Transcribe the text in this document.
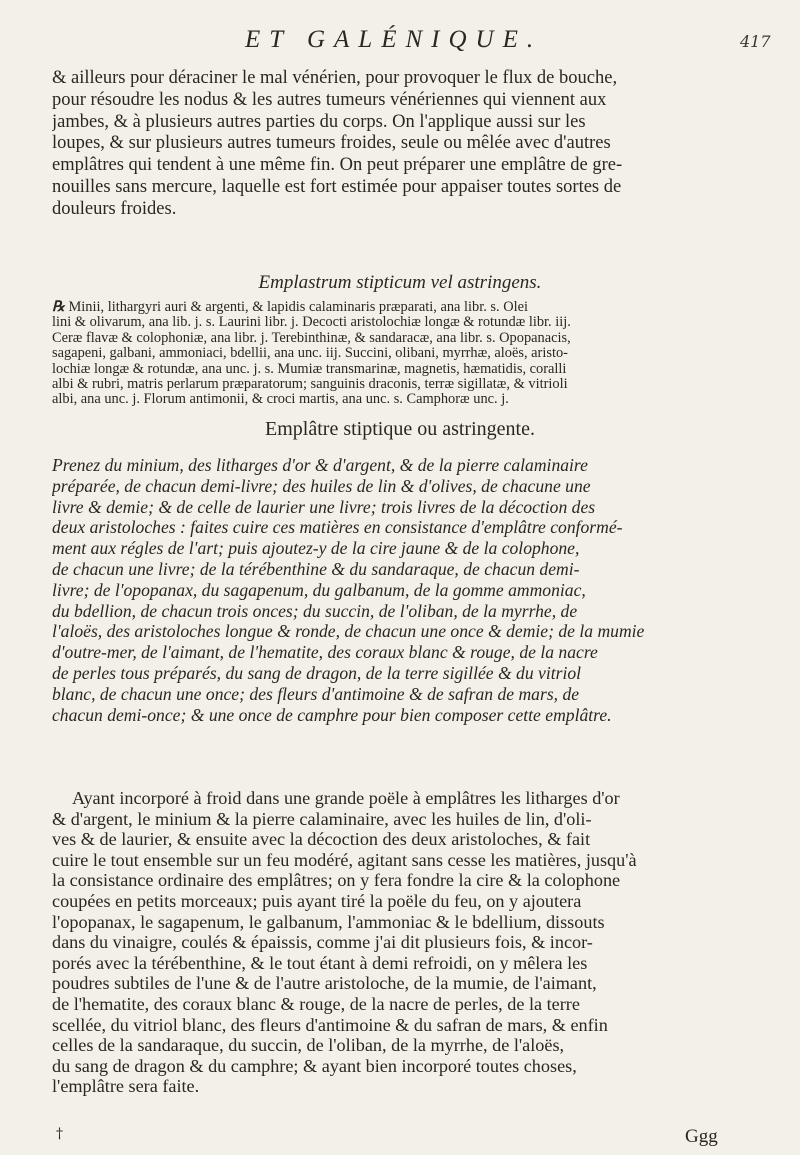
ET GALÉNIQUE.	417
& ailleurs pour déraciner le mal vénérien, pour provoquer le flux de bouche,
pour résoudre les nodus & les autres tumeurs vénériennes qui viennent aux
jambes, & à plusieurs autres parties du corps. On l'applique aussi sur les
loupes, & sur plusieurs autres tumeurs froides, seule ou mêlée avec d'autres
emplâtres qui tendent à une même fin. On peut préparer une emplâtre de gre-
nouilles sans mercure, laquelle est fort estimée pour appaiser toutes sortes de
douleurs froides.
Emplastrum stipticum vel astringens.
℞ Minii, lithargyri auri & argenti, & lapidis calaminaris præparati, ana libr. s. Olei
lini & olivarum, ana lib. j. s. Laurini libr. j. Decocti aristolochiæ longæ & rotundæ libr. iij.
Ceræ flavæ & colophoniæ, ana libr. j. Terebinthinæ, & sandaracæ, ana libr. s. Opopanacis,
sagapeni, galbani, ammoniaci, bdellii, ana unc. iij. Succini, olibani, myrrhæ, aloës, aristo-
lochiæ longæ & rotundæ, ana unc. j. s. Mumiæ transmarinæ, magnetis, hæmatidis, coralli
albi & rubri, matris perlarum præparatorum; sanguinis draconis, terræ sigillatæ, & vitrioli
albi, ana unc. j. Florum antimonii, & croci martis, ana unc. s. Camphoræ unc. j.
Emplâtre stiptique ou astringente.
Prenez du minium, des litharges d'or & d'argent, & de la pierre calaminaire
préparée, de chacun demi-livre; des huiles de lin & d'olives, de chacune une
livre & demie; & de celle de laurier une livre; trois livres de la décoction des
deux aristoloches : faites cuire ces matières en consistance d'emplâtre conformé-
ment aux régles de l'art; puis ajoutez-y de la cire jaune & de la colophone,
de chacun une livre; de la térébenthine & du sandaraque, de chacun demi-
livre; de l'opopanax, du sagapenum, du galbanum, de la gomme ammoniac,
du bdellion, de chacun trois onces; du succin, de l'oliban, de la myrrhe, de
l'aloës, des aristoloches longue & ronde, de chacun une once & demie; de la mumie
d'outre-mer, de l'aimant, de l'hematite, des coraux blanc & rouge, de la nacre
de perles tous préparés, du sang de dragon, de la terre sigillée & du vitriol
blanc, de chacun une once; des fleurs d'antimoine & de safran de mars, de
chacun demi-once; & une once de camphre pour bien composer cette emplâtre.
Ayant incorporé à froid dans une grande poële à emplâtres les litharges d'or
& d'argent, le minium & la pierre calaminaire, avec les huiles de lin, d'oli-
ves & de laurier, & ensuite avec la décoction des deux aristoloches, & fait
cuire le tout ensemble sur un feu modéré, agitant sans cesse les matières, jusqu'à
la consistance ordinaire des emplâtres; on y fera fondre la cire & la colophone
coupées en petits morceaux; puis ayant tiré la poële du feu, on y ajoutera
l'opopanax, le sagapenum, le galbanum, l'ammoniac & le bdellium, dissouts
dans du vinaigre, coulés & épaissis, comme j'ai dit plusieurs fois, & incor-
porés avec la térébenthine, & le tout étant à demi refroidi, on y mêlera les
poudres subtiles de l'une & de l'autre aristoloche, de la mumie, de l'aimant,
de l'hematite, des coraux blanc & rouge, de la nacre de perles, de la terre
scellée, du vitriol blanc, des fleurs d'antimoine & du safran de mars, & enfin
celles de la sandaraque, du succin, de l'oliban, de la myrrhe, de l'aloës,
du sang de dragon & du camphre; & ayant bien incorporé toutes choses,
l'emplâtre sera faite.
†	Ggg
